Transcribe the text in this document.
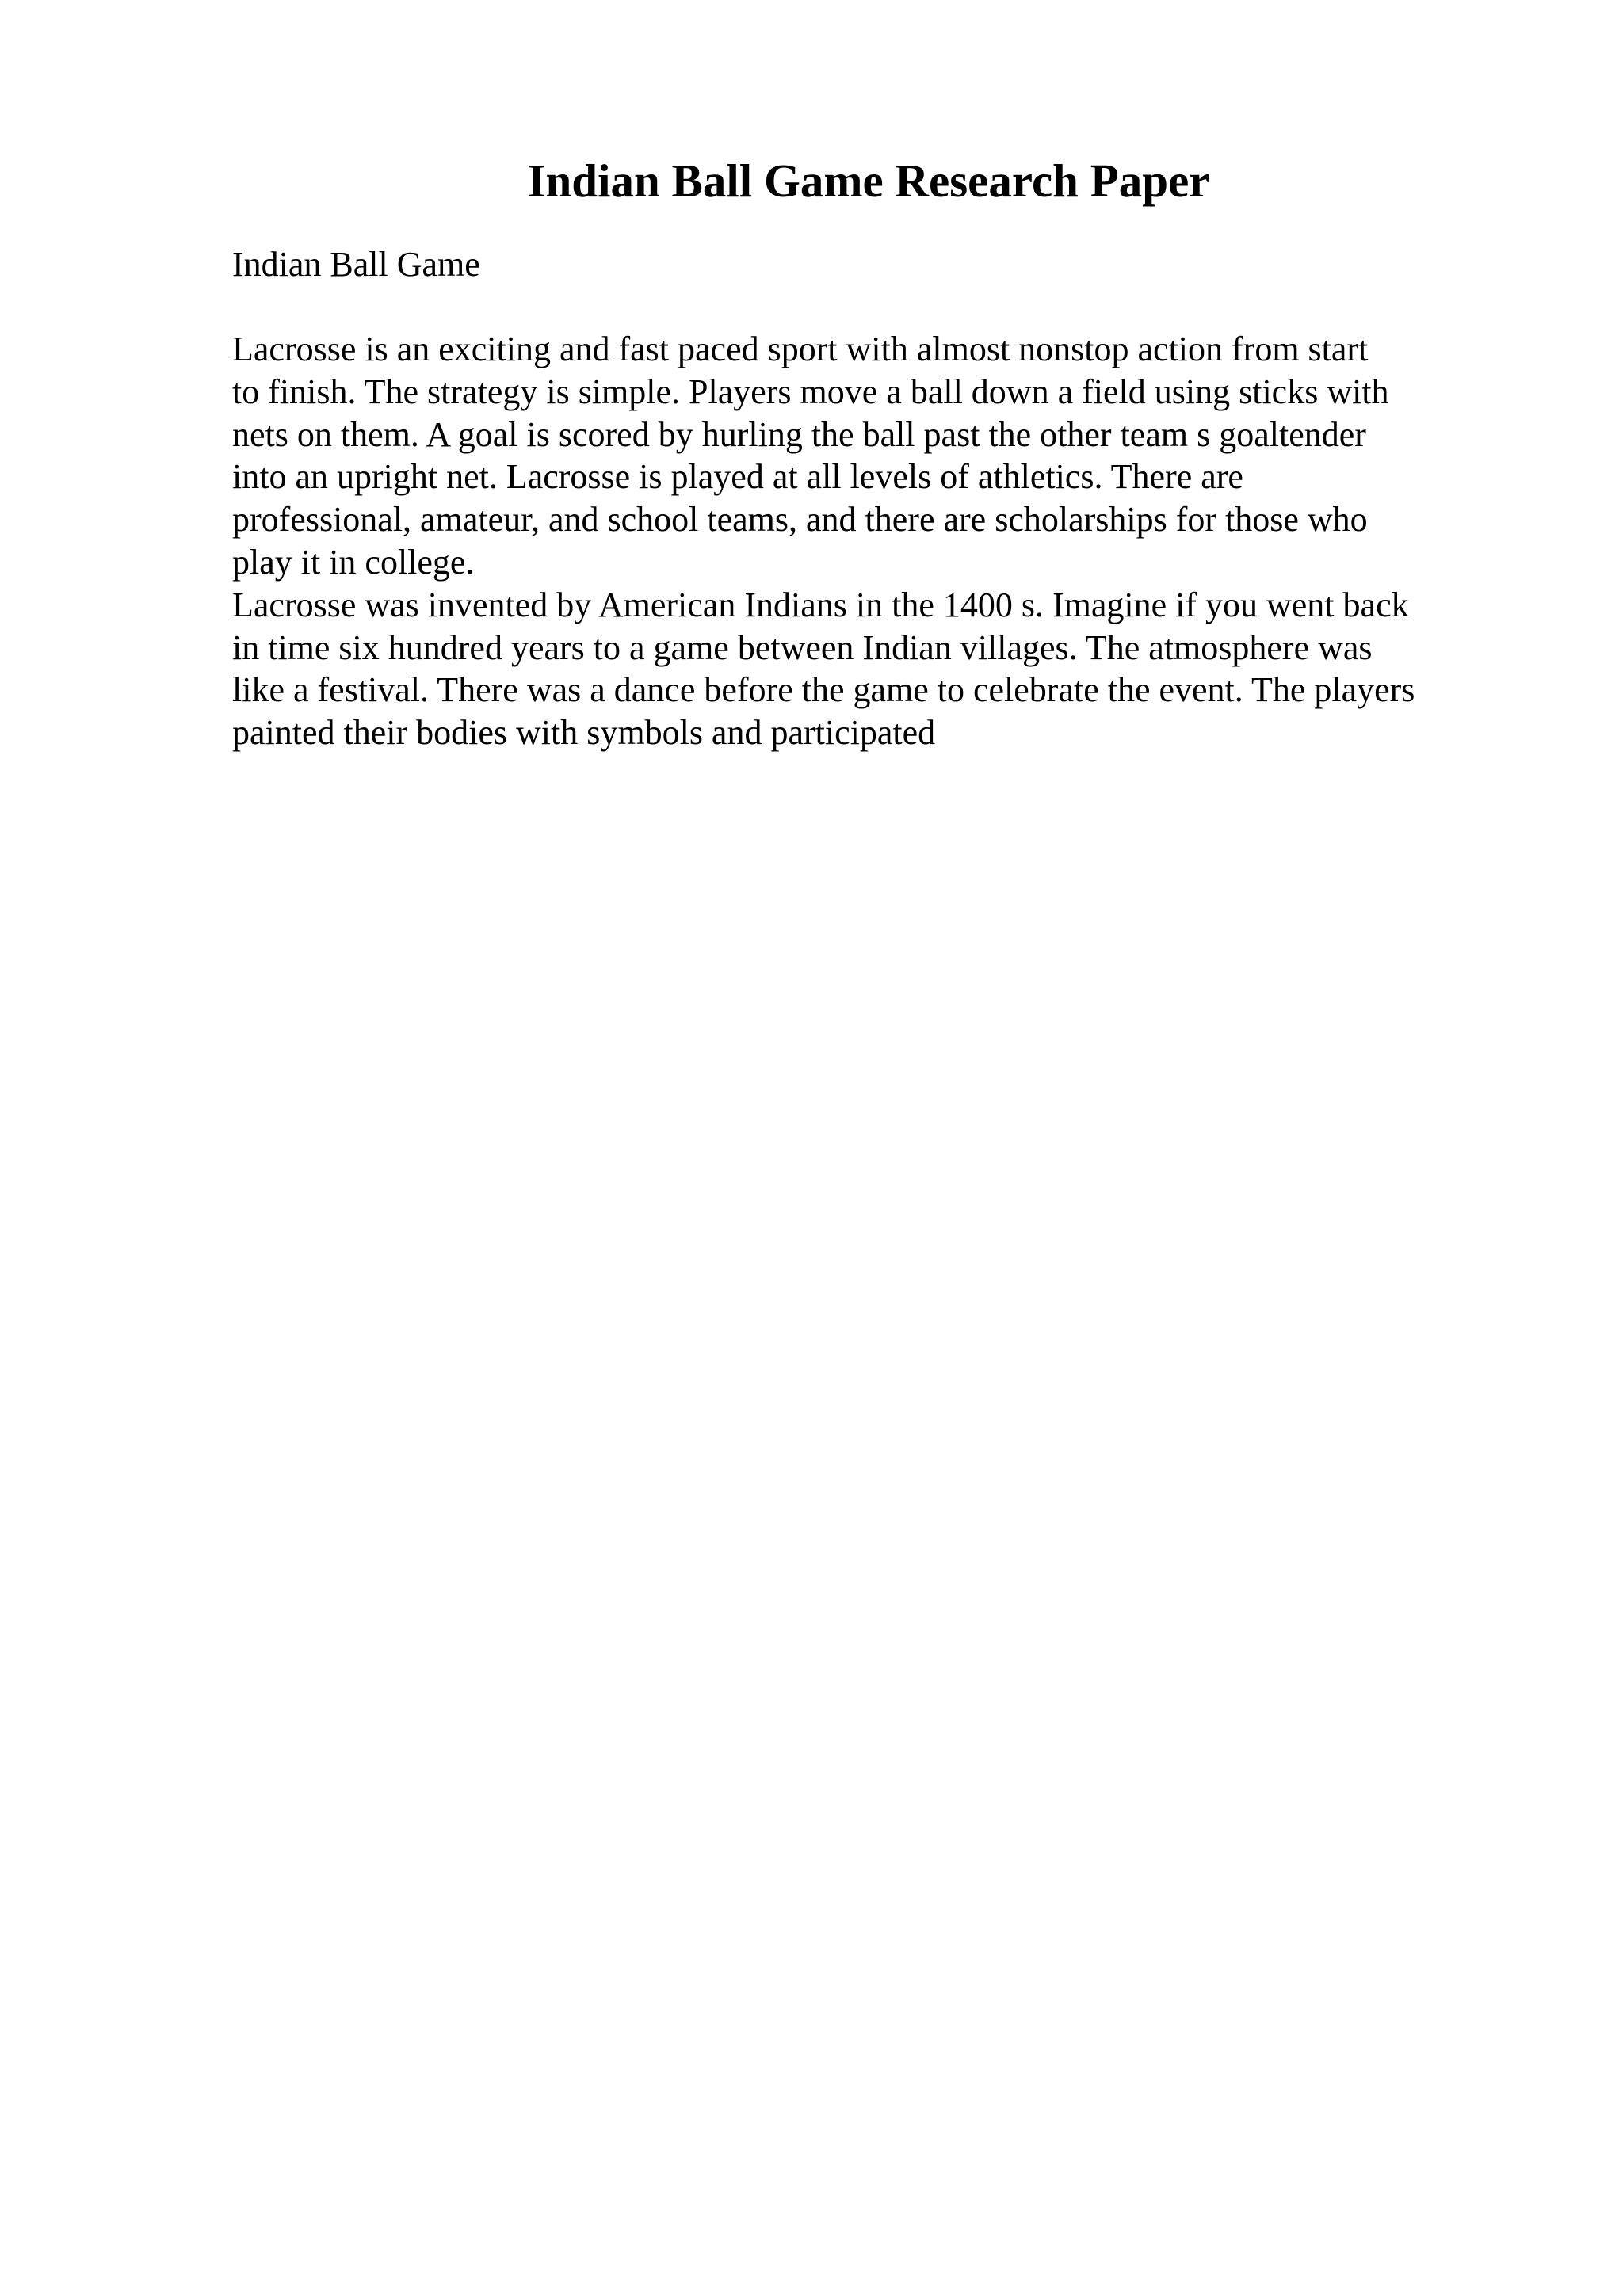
Indian Ball Game Research Paper
Indian Ball Game
Lacrosse is an exciting and fast paced sport with almost nonstop action from start
to finish. The strategy is simple. Players move a ball down a field using sticks with
nets on them. A goal is scored by hurling the ball past the other team s goaltender
into an upright net. Lacrosse is played at all levels of athletics. There are
professional, amateur, and school teams, and there are scholarships for those who
play it in college.
Lacrosse was invented by American Indians in the 1400 s. Imagine if you went back
in time six hundred years to a game between Indian villages. The atmosphere was
like a festival. There was a dance before the game to celebrate the event. The players
painted their bodies with symbols and participated
